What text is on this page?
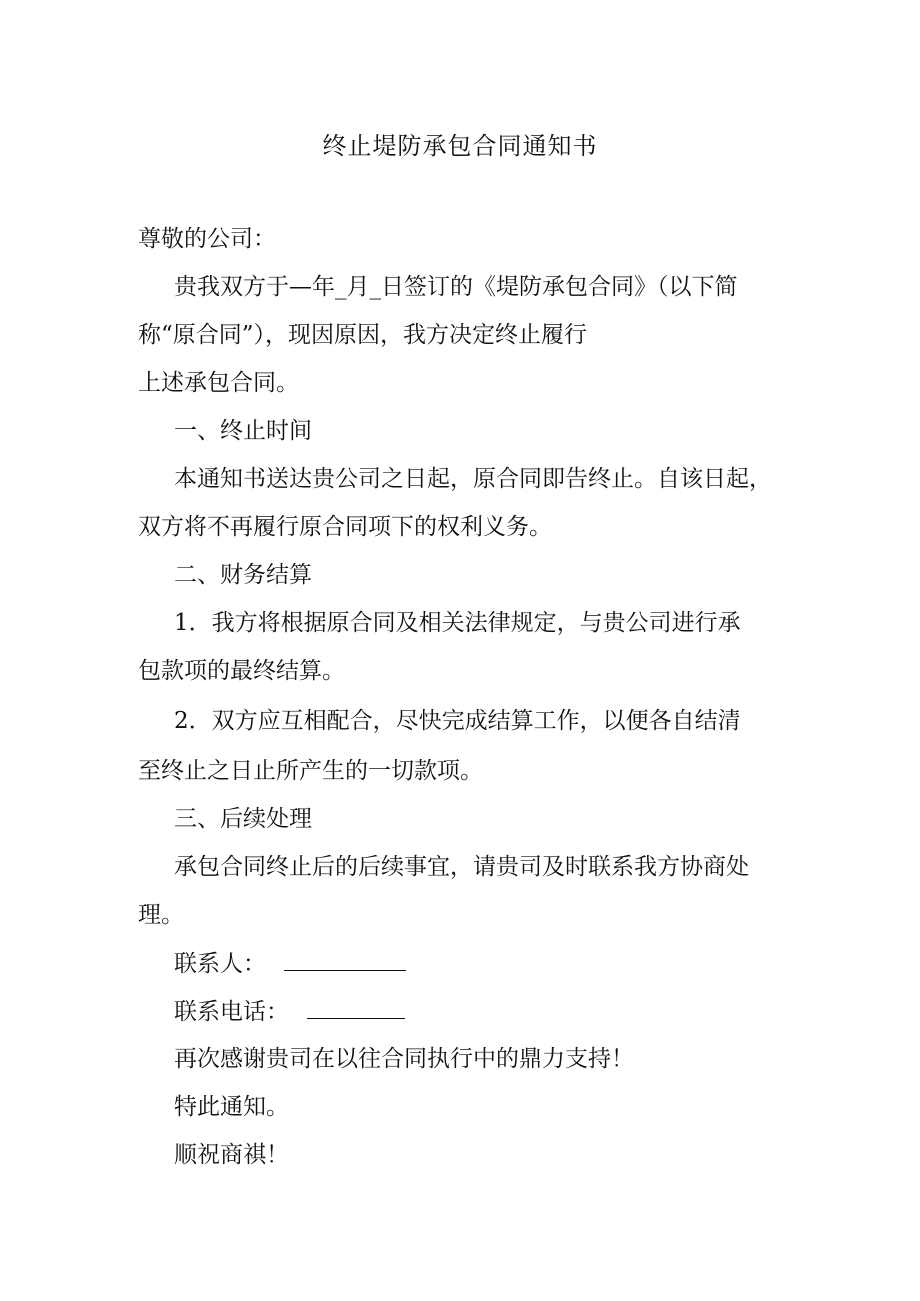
终止堤防承包合同通知书
尊敬的公司：
贵我双方于—年_月_日签订的《堤防承包合同》（以下简
称“原合同”），现因原因，我方决定终止履行
上述承包合同。
一、终止时间
本通知书送达贵公司之日起，原合同即告终止。自该日起，
双方将不再履行原合同项下的权利义务。
二、财务结算
1．我方将根据原合同及相关法律规定，与贵公司进行承
包款项的最终结算。
2．双方应互相配合，尽快完成结算工作，以便各自结清
至终止之日止所产生的一切款项。
三、后续处理
承包合同终止后的后续事宜，请贵司及时联系我方协商处
理。
联系人：
联系电话：
再次感谢贵司在以往合同执行中的鼎力支持！
特此通知。
顺祝商祺！
